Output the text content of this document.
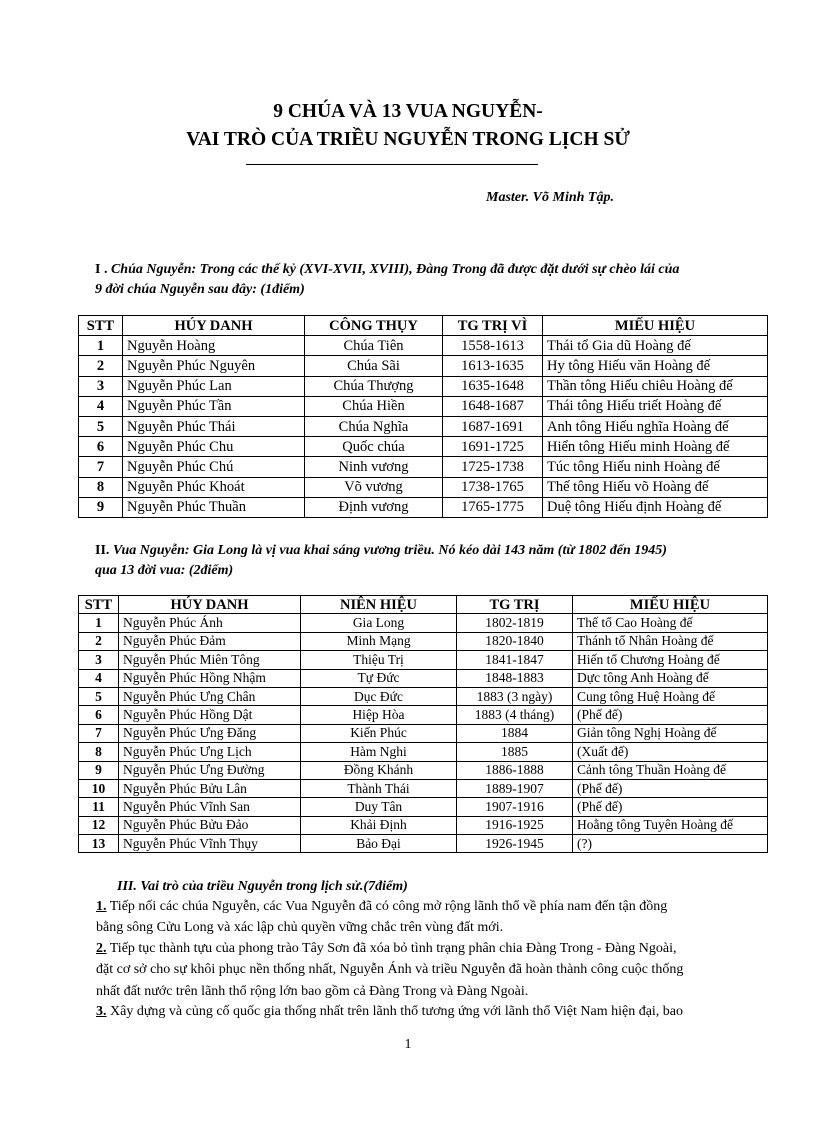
9 CHÚA VÀ 13 VUA NGUYỄN-
VAI TRÒ CỦA TRIỀU NGUYỄN TRONG LỊCH SỬ
Master. Võ Minh Tập.
I . Chúa Nguyễn: Trong các thế kỷ (XVI-XVII, XVIII), Đàng Trong đã được đặt dưới sự chèo lái của
9 đời chúa Nguyễn sau đây: (1điểm)
STT	HÚY DANH	CÔNG THỤY	TG TRỊ VÌ	MIẾU HIỆU
1	Nguyễn Hoàng	Chúa Tiên	1558-1613	Thái tổ Gia dũ Hoàng đế
2	Nguyễn Phúc Nguyên	Chúa Sãi	1613-1635	Hy tông Hiếu văn Hoàng đế
3	Nguyễn Phúc Lan	Chúa Thượng	1635-1648	Thần tông Hiếu chiêu Hoàng đế
4	Nguyễn Phúc Tần	Chúa Hiền	1648-1687	Thái tông Hiếu triết Hoàng đế
5	Nguyễn Phúc Thái	Chúa Nghĩa	1687-1691	Anh tông Hiếu nghĩa Hoàng đế
6	Nguyễn Phúc Chu	Quốc chúa	1691-1725	Hiển tông Hiếu minh Hoàng đế
7	Nguyễn Phúc Chú	Ninh vương	1725-1738	Túc tông Hiếu ninh Hoàng đế
8	Nguyễn Phúc Khoát	Võ vương	1738-1765	Thế tông Hiếu võ Hoàng đế
9	Nguyễn Phúc Thuần	Định vương	1765-1775	Duệ tông Hiếu định Hoàng đế
II. Vua Nguyễn: Gia Long là vị vua khai sáng vương triều. Nó kéo dài 143 năm (từ 1802 đến 1945)
qua 13 đời vua: (2điểm)
STT	HÚY DANH	NIÊN HIỆU	TG TRỊ	MIẾU HIỆU
1	Nguyễn Phúc Ánh	Gia Long	1802-1819	Thế tổ Cao Hoàng đế
2	Nguyễn Phúc Đảm	Minh Mạng	1820-1840	Thánh tổ Nhân Hoàng đế
3	Nguyễn Phúc Miên Tông	Thiệu Trị	1841-1847	Hiến tổ Chương Hoàng đế
4	Nguyễn Phúc Hồng Nhậm	Tự Đức	1848-1883	Dực tông Anh Hoàng đế
5	Nguyễn Phúc Ưng Chân	Dục Đức	1883 (3 ngày)	Cung tông Huệ Hoàng đế
6	Nguyễn Phúc Hồng Dật	Hiệp Hòa	1883 (4 tháng)	(Phế đế)
7	Nguyễn Phúc Ưng Đăng	Kiến Phúc	1884	Giản tông Nghị Hoàng đế
8	Nguyễn Phúc Ưng Lịch	Hàm Nghi	1885	(Xuất đế)
9	Nguyễn Phúc Ưng Đường	Đồng Khánh	1886-1888	Cảnh tông Thuần Hoàng đế
10	Nguyễn Phúc Bửu Lân	Thành Thái	1889-1907	(Phế đế)
11	Nguyễn Phúc Vĩnh San	Duy Tân	1907-1916	(Phế đế)
12	Nguyễn Phúc Bửu Đảo	Khải Định	1916-1925	Hoằng tông Tuyên Hoàng đế
13	Nguyễn Phúc Vĩnh Thụy	Bảo Đại	1926-1945	(?)
III. Vai trò của triều Nguyễn trong lịch sử.(7điểm)
1. Tiếp nối các chúa Nguyễn, các Vua Nguyễn đã có công mở rộng lãnh thổ về phía nam đến tận đồng
bằng sông Cửu Long và xác lập chủ quyền vững chắc trên vùng đất mới.
2. Tiếp tục thành tựu của phong trào Tây Sơn đã xóa bỏ tình trạng phân chia Đàng Trong - Đàng Ngoài,
đặt cơ sở cho sự khôi phục nền thống nhất, Nguyễn Ánh và triều Nguyễn đã hoàn thành công cuộc thống
nhất đất nước trên lãnh thổ rộng lớn bao gồm cả Đàng Trong và Đàng Ngoài.
3. Xây dựng và củng cố quốc gia thống nhất trên lãnh thổ tương ứng với lãnh thổ Việt Nam hiện đại, bao
1
